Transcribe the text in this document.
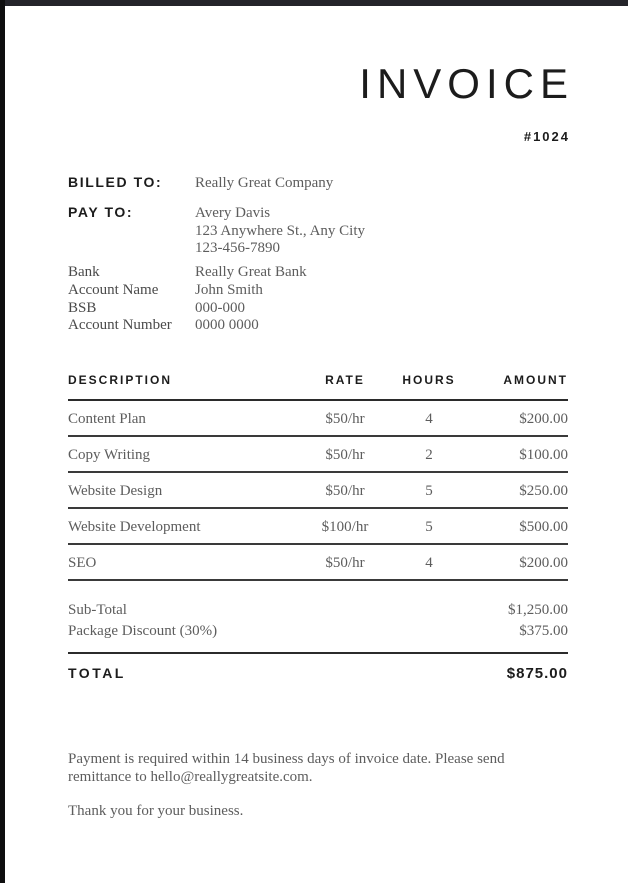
INVOICE
#1024
BILLED TO:	Really Great Company
PAY TO:	Avery Davis
123 Anywhere St., Any City
123-456-7890
Bank	Really Great Bank
Account Name	John Smith
BSB	000-000
Account Number	0000 0000
DESCRIPTION	RATE	HOURS	AMOUNT
Content Plan	$50/hr	4	$200.00
Copy Writing	$50/hr	2	$100.00
Website Design	$50/hr	5	$250.00
Website Development	$100/hr	5	$500.00
SEO	$50/hr	4	$200.00
Sub-Total	$1,250.00
Package Discount (30%)	$375.00
TOTAL	$875.00

Payment is required within 14 business days of invoice date. Please send remittance to hello@reallygreatsite.com.

Thank you for your business.
